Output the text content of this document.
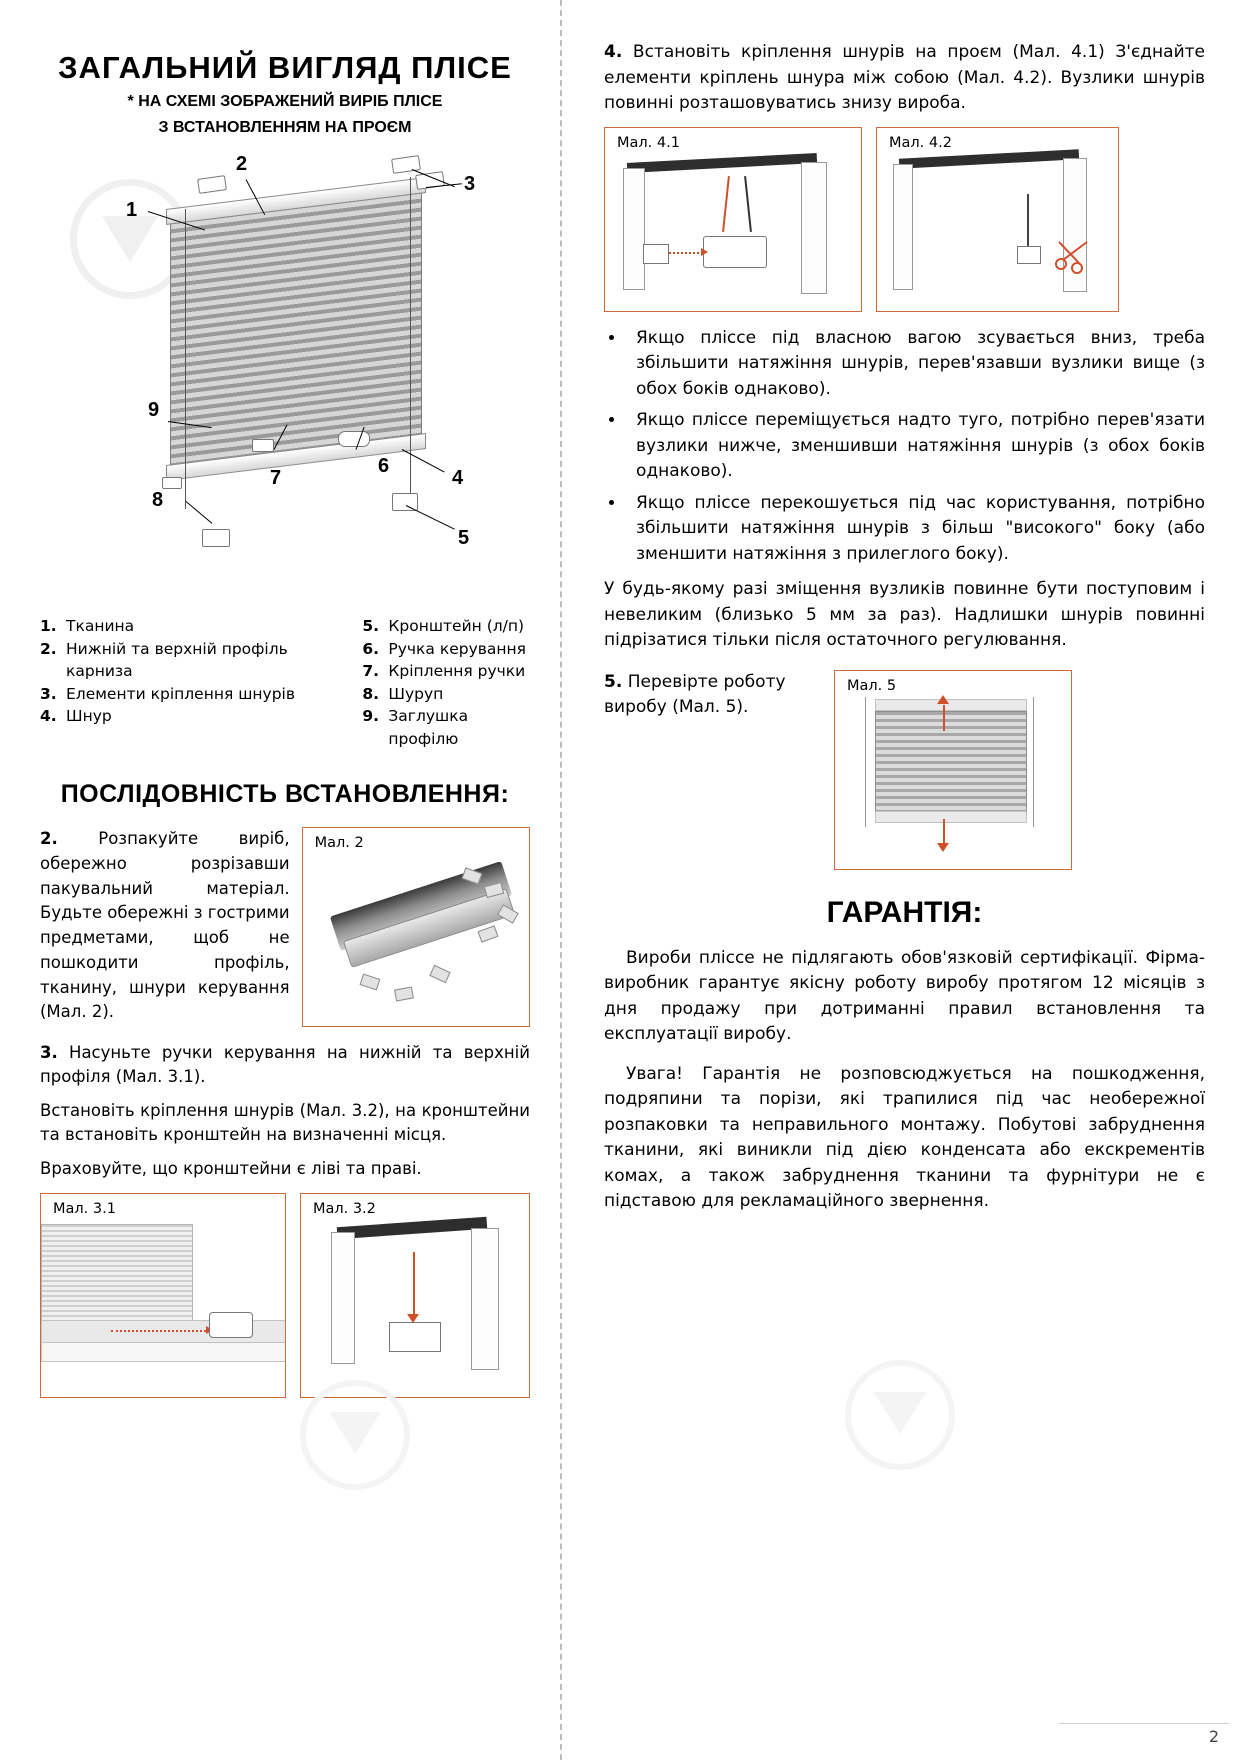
ЗАГАЛЬНИЙ ВИГЛЯД ПЛІСЕ
* НА СХЕМІ ЗОБРАЖЕНИЙ ВИРІБ ПЛІСЕ
З ВСТАНОВЛЕННЯМ НА ПРОЄМ
1
2
3
4
5
6
7
8
9
1. Тканина
2. Нижній та верхній профіль карниза
3. Елементи кріплення шнурів
4. Шнур
5. Кронштейн (л/п)
6. Ручка керування
7. Кріплення ручки
8. Шуруп
9. Заглушка профілю
ПОСЛІДОВНІСТЬ ВСТАНОВЛЕННЯ:
2. Розпакуйте виріб, обережно розрізавши пакувальний матеріал. Будьте обережні з гострими предметами, щоб не пошкодити профіль, тканину, шнури керування (Мал. 2).
Мал. 2

3. Насуньте ручки керування на нижній та верхній профіля (Мал. 3.1).

Встановіть кріплення шнурів (Мал. 3.2), на кронштейни та встановіть кронштейн на визначенні місця.

Враховуйте, що кронштейни є ліві та праві.

Мал. 3.1	Мал. 3.2

4. Встановіть кріплення шнурів на проєм (Мал. 4.1) З'єднайте елементи кріплень шнура між собою (Мал. 4.2). Вузлики шнурів повинні розташовуватись знизу виробa.

Мал. 4.1	Мал. 4.2
• Якщо пліссе під власною вагою зсувається вниз, треба збільшити натяжіння шнурів, перев'язавши вузлики вище (з обох боків однаково).
• Якщо пліссе переміщується надто туго, потрібно перев'язати вузлики нижче, зменшивши натяжіння шнурів (з обох боків однаково).
• Якщо пліссе перекошується під час користування, потрібно збільшити натяжіння шнурів з більш "високого" боку (або зменшити натяжіння з прилеглого боку).

У будь-якому разі зміщення вузликів повинне бути поступовим і невеликим (близько 5 мм за раз). Надлишки шнурів повинні підрізатися тільки після остаточного регулювання.

5. Перевірте роботу виробу (Мал. 5).
Мал. 5
ГАРАНТІЯ:

Вироби пліссе не підлягають обов'язковій сертифікації. Фірма-виробник гарантує якісну роботу виробу протягом 12 місяців з дня продажу при дотриманні правил встановлення та експлуатації виробу.

Увага! Гарантія не розповсюджується на пошкодження, подряпини та порізи, які трапилися під час необережної розпаковки та неправильного монтажу. Побутові забруднення тканини, які виникли під дією конденсата або екскрементів комах, а також забруднення тканини та фурнітури не є підставою для рекламаційного звернення.

2
